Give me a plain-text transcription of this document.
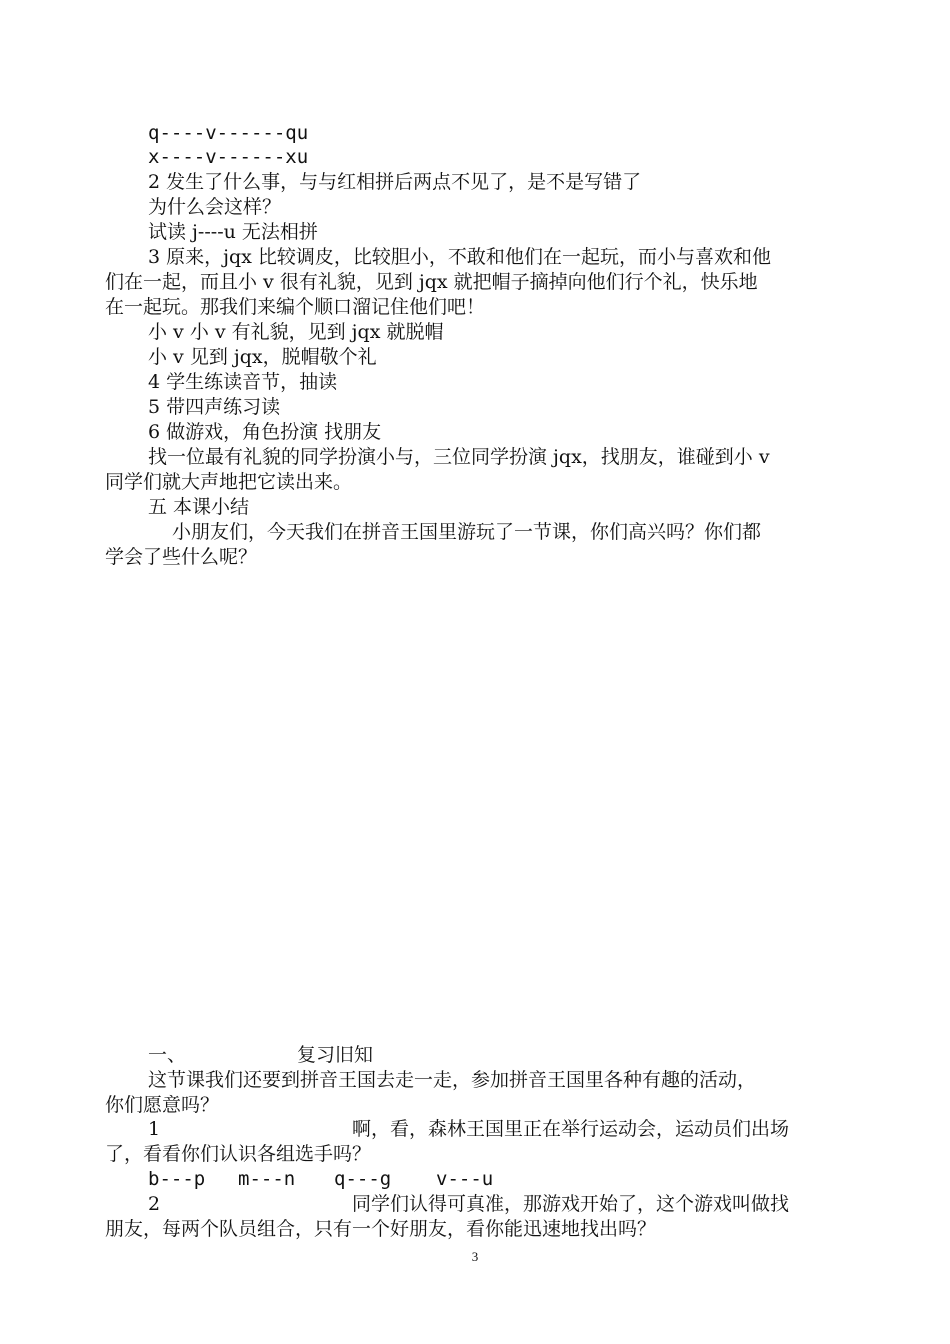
q----v------qu
x----v------xu
2 发生了什么事，与与红相拼后两点不见了，是不是写错了
为什么会这样？
试读 j----u 无法相拼
3 原来，jqx 比较调皮，比较胆小，不敢和他们在一起玩，而小与喜欢和他
们在一起，而且小 v 很有礼貌，见到 jqx 就把帽子摘掉向他们行个礼，快乐地
在一起玩。那我们来编个顺口溜记住他们吧！
小 v 小 v 有礼貌，见到 jqx 就脱帽
小 v 见到 jqx，脱帽敬个礼
4 学生练读音节，抽读
5 带四声练习读
6 做游戏，角色扮演 找朋友
找一位最有礼貌的同学扮演小与，三位同学扮演 jqx，找朋友，谁碰到小 v
同学们就大声地把它读出来。
五 本课小结
小朋友们，今天我们在拼音王国里游玩了一节课，你们高兴吗？你们都
学会了些什么呢？
一、	复习旧知
这节课我们还要到拼音王国去走一走，参加拼音王国里各种有趣的活动，
你们愿意吗？
1	啊，看，森林王国里正在举行运动会，运动员们出场
了，看看你们认识各组选手吗？
b---p m---n q---g v---u
2	同学们认得可真准，那游戏开始了，这个游戏叫做找
朋友，每两个队员组合，只有一个好朋友，看你能迅速地找出吗？
3
